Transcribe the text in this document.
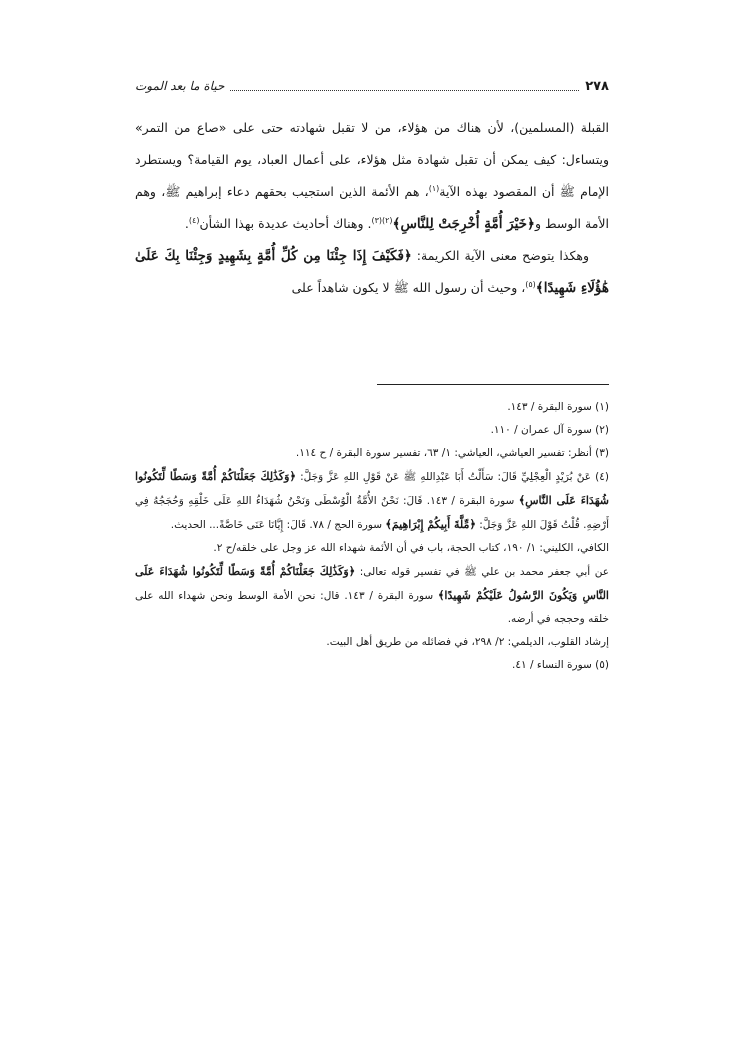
٢٧٨
حياة ما بعد الموت

القبلة (المسلمين)، لأن هناك من هؤلاء، من لا تقبل شهادته حتى على «صاع من التمر» ويتساءل: كيف يمكن أن تقبل شهادة مثل هؤلاء، على أعمال العباد، يوم القيامة؟ ويستطرد الإمام ﷺ أن المقصود بهذه الآية$^{(١)}$، هم الأئمة الذين استجيب بحقهم دعاء إبراهيم ﷺ، وهم الأمة الوسط و﴿خَيْرَ أُمَّةٍ أُخْرِجَتْ لِلنَّاسِ﴾$^{(٢)(٣)}$. وهناك أحاديث عديدة بهذا الشأن$^{(٤)}$.

وهكذا يتوضح معنى الآية الكريمة: ﴿فَكَيْفَ إِذَا جِئْنَا مِن كُلِّ أُمَّةٍ بِشَهِيدٍ وَجِئْنَا بِكَ عَلَىٰ هَٰؤُلَاءِ شَهِيدًا﴾$^{(٥)}$، وحيث أن رسول الله ﷺ لا يكون شاهداً على

(١) سورة البقرة / ١٤٣.

(٢) سورة آل عمران / ١١٠.

(٣) أنظر: تفسير العياشي، العياشي: ١/ ٦٣، تفسير سورة البقرة / ح ١١٤.

(٤) عَنْ بُرَيْدٍ الْعِجْلِيِّ قَالَ: سَأَلْتُ أَبَا عَبْدِاللهِ ﷺ عَنْ قَوْلِ اللهِ عَزَّ وَجَلَّ: ﴿وَكَذَٰلِكَ جَعَلْنَاكُمْ أُمَّةً وَسَطًا لِّتَكُونُوا شُهَدَاءَ عَلَى النَّاسِ﴾ سورة البقرة / ١٤٣. قَالَ: نَحْنُ الأُمَّةُ الْوُسْطَى وَنَحْنُ شُهَدَاءُ اللهِ عَلَى خَلْقِهِ وَحُجَجُهُ فِي أَرْضِهِ. قُلْتُ قَوْلَ اللهِ عَزَّ وَجَلَّ: ﴿مِّلَّةَ أَبِيكُمْ إِبْرَاهِيمَ﴾ سورة الحج / ٧٨. قَالَ: إِيَّانَا عَنَى خَاصَّةً... الحديث.

الكافي، الكليني: ١/ ١٩٠، كتاب الحجة، باب في أن الأئمة شهداء الله عز وجل على خلقه/ح ٢.

عن أبي جعفر محمد بن علي ﷺ في تفسير قوله تعالى: ﴿وَكَذَٰلِكَ جَعَلْنَاكُمْ أُمَّةً وَسَطًا لِّتَكُونُوا شُهَدَاءَ عَلَى النَّاسِ وَيَكُونَ الرَّسُولُ عَلَيْكُمْ شَهِيدًا﴾ سورة البقرة / ١٤٣. قال: نحن الأمة الوسط ونحن شهداء الله على خلقه وحججه في أرضه.

إرشاد القلوب، الديلمي: ٢/ ٢٩٨، في فضائله من طريق أهل البيت.

(٥) سورة النساء / ٤١.
